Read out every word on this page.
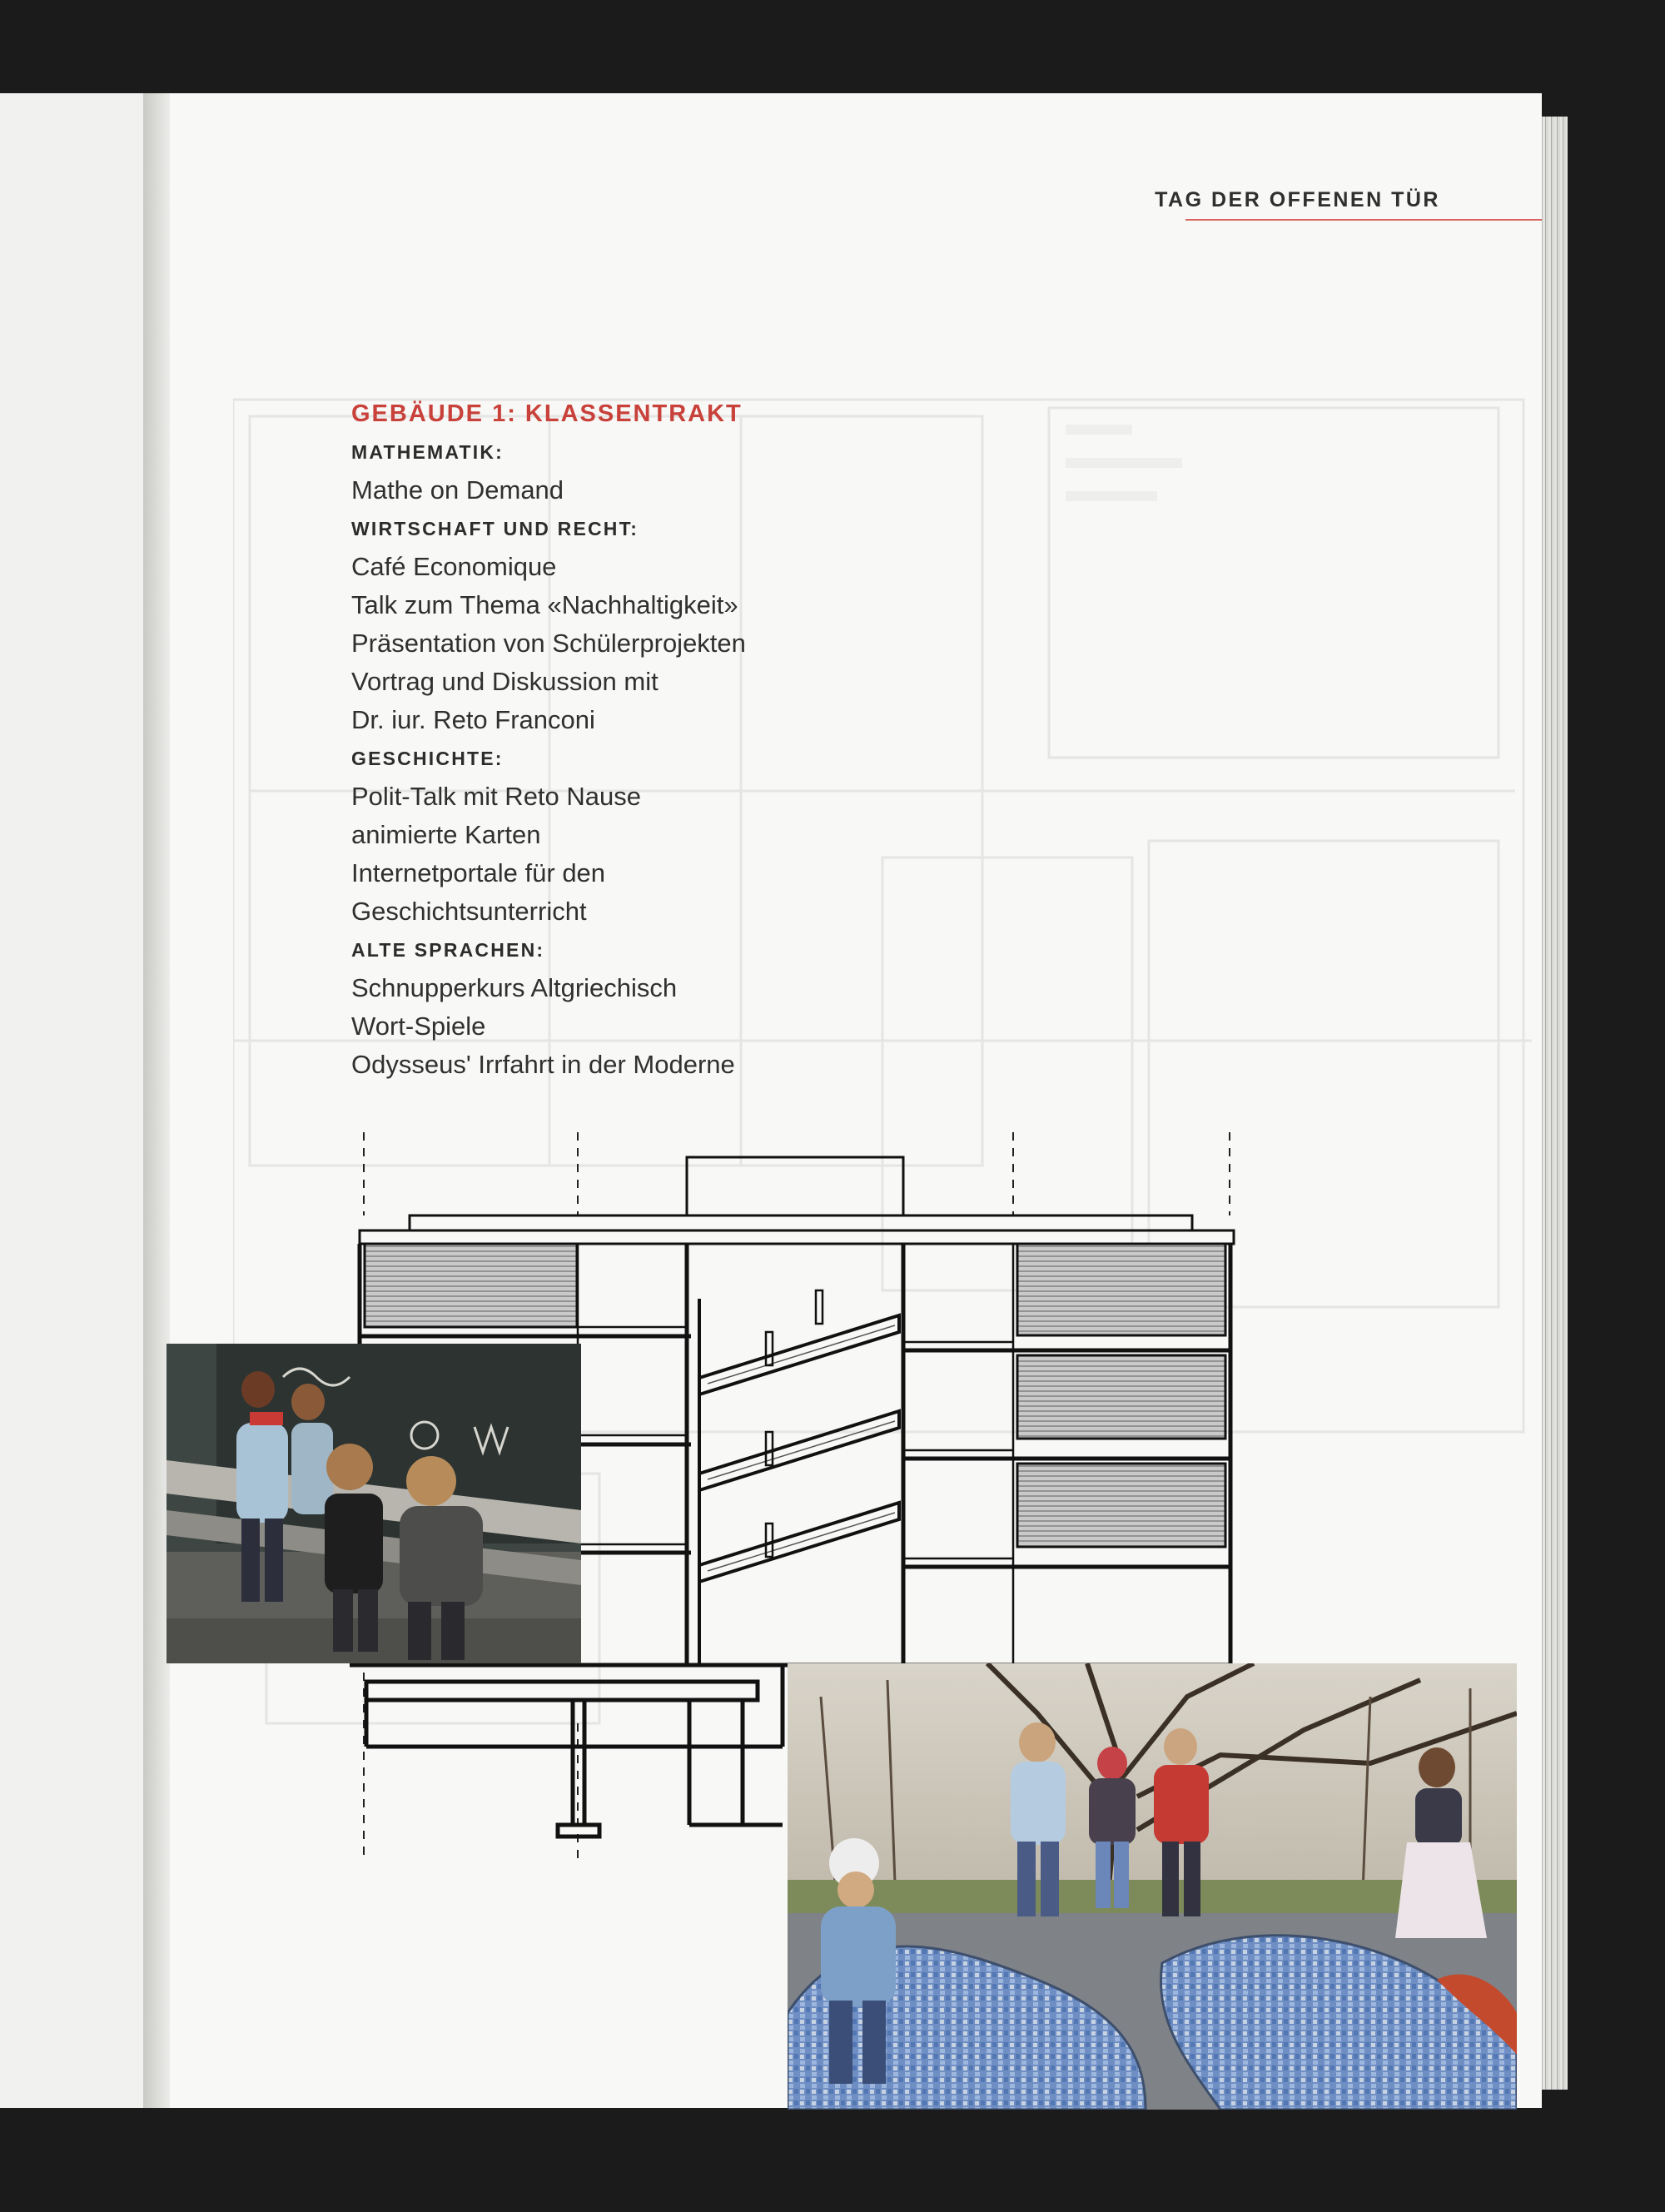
TAG DER OFFENEN TÜR
GEBÄUDE 1: KLASSENTRAKT
MATHEMATIK:
Mathe on Demand
WIRTSCHAFT UND RECHT:
Café Economique
Talk zum Thema «Nachhaltigkeit»
Präsentation von Schülerprojekten
Vortrag und Diskussion mit
Dr. iur. Reto Franconi
GESCHICHTE:
Polit-Talk mit Reto Nause
animierte Karten
Internetportale für den
Geschichtsunterricht
ALTE SPRACHEN:
Schnupperkurs Altgriechisch
Wort-Spiele
Odysseus' Irrfahrt in der Moderne
